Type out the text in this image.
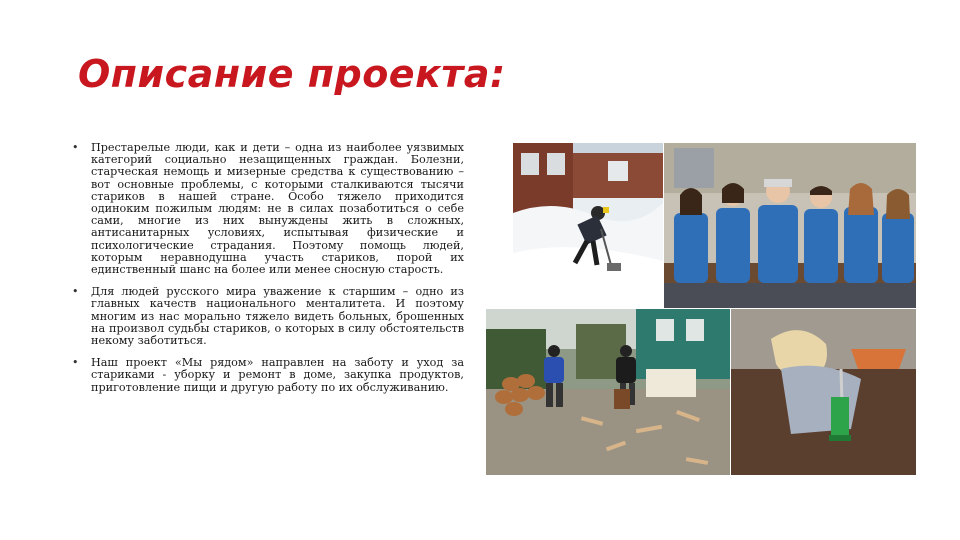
Описание проекта:
• Престарелые люди, как и дети – одна из наиболее уязвимых категорий социально незащищенных граждан. Болезни, старческая немощь и мизерные средства к существованию – вот основные проблемы, с которыми сталкиваются тысячи стариков в нашей стране. Особо тяжело приходится одиноким пожилым людям: не в силах позаботиться о себе сами, многие из них вынуждены жить в сложных, антисанитарных условиях, испытывая физические и психологические страдания. Поэтому помощь людей, которым неравнодушна участь стариков, порой их единственный шанс на более или менее сносную старость.
• Для людей русского мира уважение к старшим – одно из главных качеств национального менталитета. И поэтому многим из нас морально тяжело видеть больных, брошенных на произвол судьбы стариков, о которых в силу обстоятельств некому заботиться.
• Наш проект «Мы рядом» направлен на заботу и уход за стариками - уборку и ремонт в доме, закупка продуктов, приготовление пищи и другую работу по их обслуживанию.
